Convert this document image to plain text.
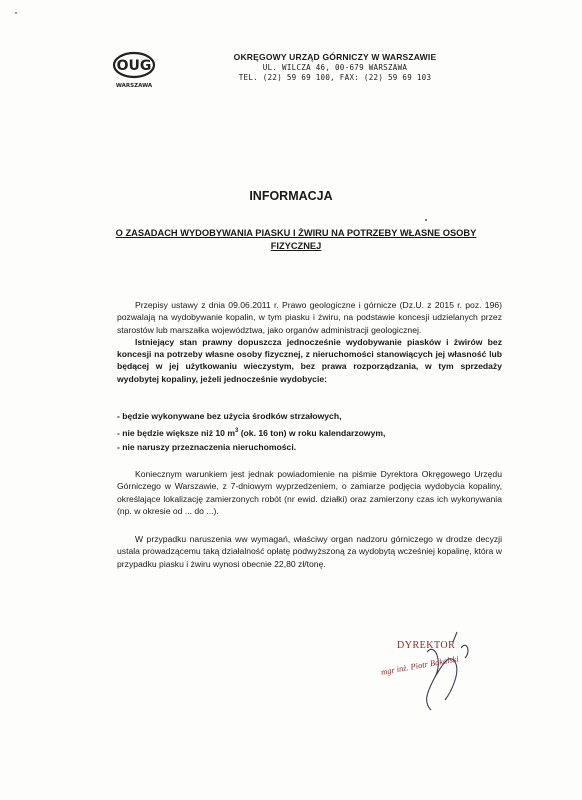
OUG
WARSZAWA
OKRĘGOWY URZĄD GÓRNICZY W WARSZAWIE
UL. WILCZA 46, 00-679 WARSZAWA
TEL. (22) 59 69 100, FAX: (22) 59 69 103
INFORMACJA
O ZASADACH WYDOBYWANIA PIASKU I ŻWIRU NA POTRZEBY WŁASNE OSOBY FIZYCZNEJ
Przepisy ustawy z dnia 09.06.2011 r. Prawo geologiczne i górnicze (Dz.U. z 2015 r. poz. 196) pozwalają na wydobywanie kopalin, w tym piasku i żwiru, na podstawie koncesji udzielanych przez starostów lub marszałka województwa, jako organów administracji geologicznej.
Istniejący stan prawny dopuszcza jednocześnie wydobywanie piasków i żwirów bez koncesji na potrzeby własne osoby fizycznej, z nieruchomości stanowiących jej własność lub będącej w jej użytkowaniu wieczystym, bez prawa rozporządzania, w tym sprzedaży wydobytej kopaliny, jeżeli jednocześnie wydobycie:
- będzie wykonywane bez użycia środków strzałowych,
- nie będzie większe niż 10 $m^3$ (ok. 16 ton) w roku kalendarzowym,
- nie naruszy przeznaczenia nieruchomości.
Koniecznym warunkiem jest jednak powiadomienie na piśmie Dyrektora Okręgowego Urzędu Górniczego w Warszawie, z 7-dniowym wyprzedzeniem, o zamiarze podjęcia wydobycia kopaliny, określające lokalizację zamierzonych robót (nr ewid. działki) oraz zamierzony czas ich wykonywania (np. w okresie od ... do ...).
W przypadku naruszenia ww wymagań, właściwy organ nadzoru górniczego w drodze decyzji ustala prowadzącemu taką działalność opłatę podwyższoną za wydobytą wcześniej kopalinę, która w przypadku piasku i żwiru wynosi obecnie 22,80 zł/tonę.
DYREKTOR
mgr inż. Piotr Bakalski
